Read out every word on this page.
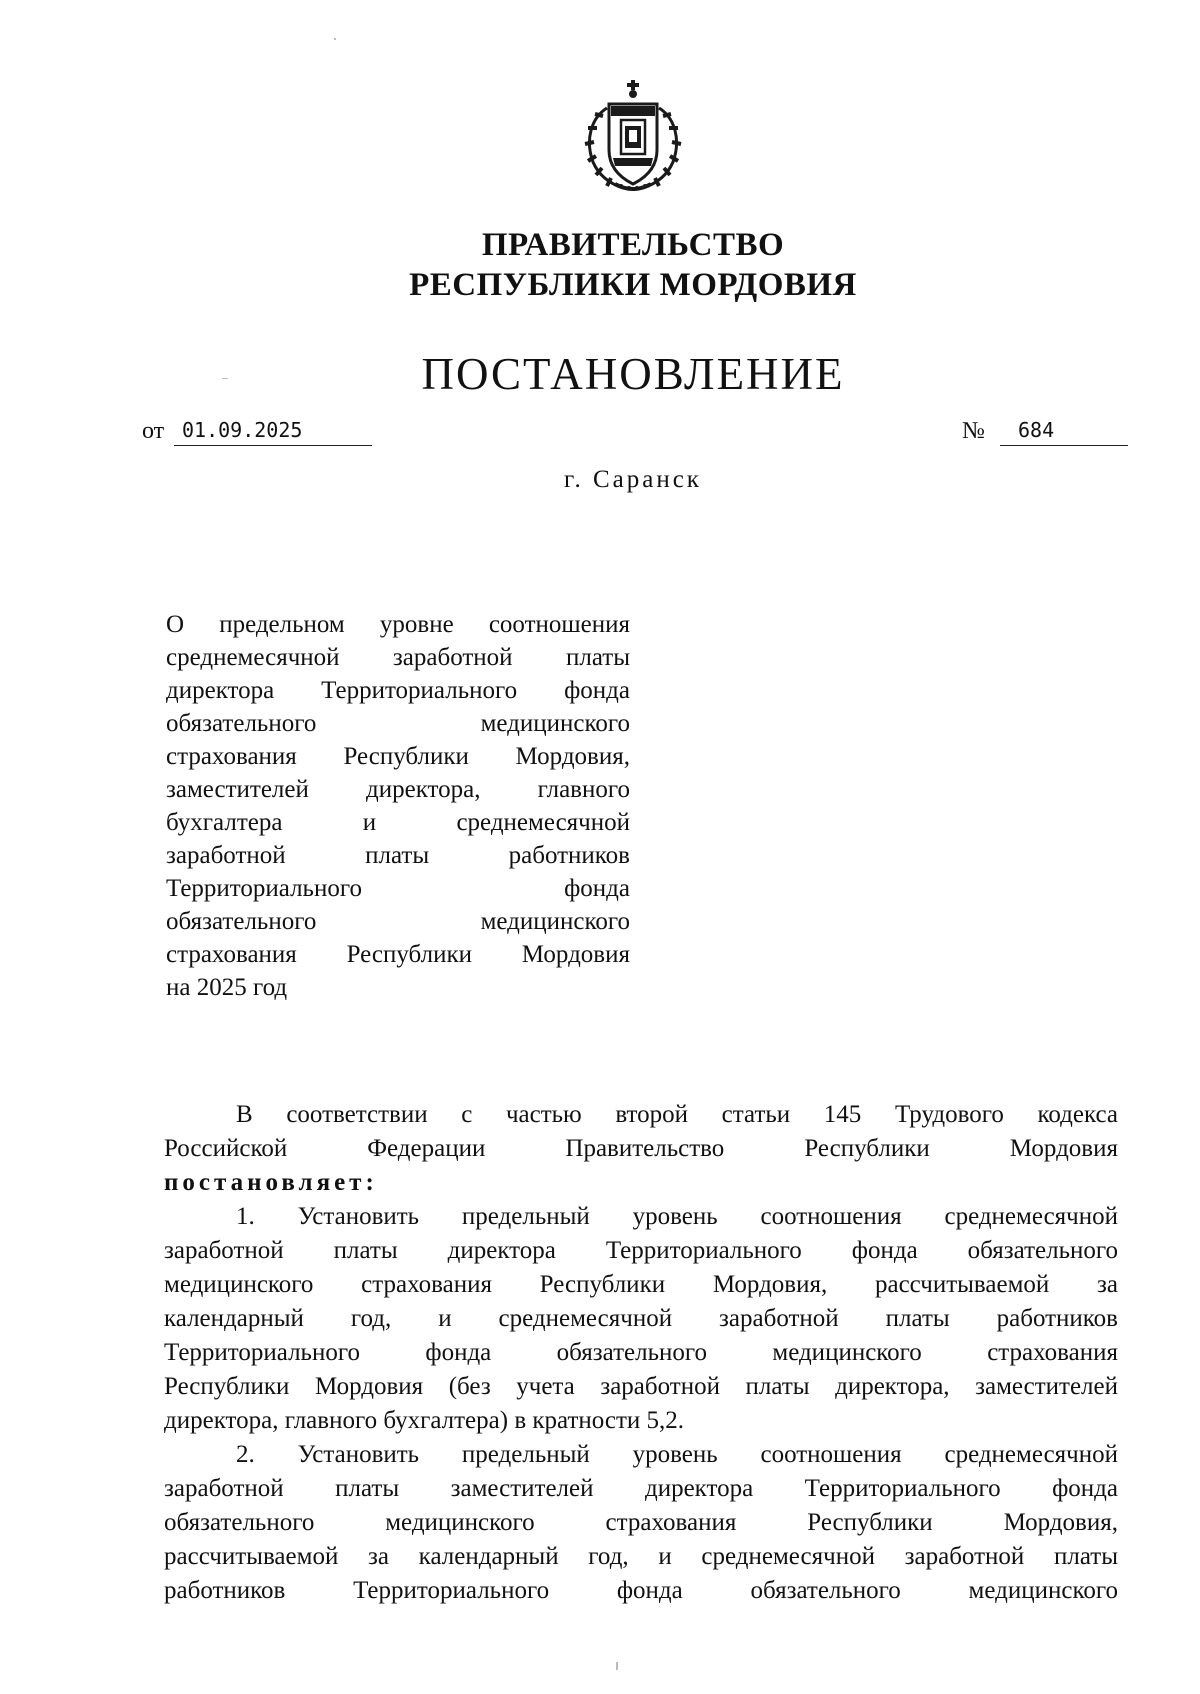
ПРАВИТЕЛЬСТВО
РЕСПУБЛИКИ МОРДОВИЯ
ПОСТАНОВЛЕНИЕ
от 01.09.2025	№	684
г. Саранск
О предельном уровне соотношения
среднемесячной заработной платы
директора Территориального фонда
обязательного медицинского
страхования Республики Мордовия,
заместителей директора, главного
бухгалтера и среднемесячной
заработной платы работников
Территориального фонда
обязательного медицинского
страхования Республики Мордовия
на 2025 год
В соответствии с частью второй статьи 145 Трудового кодекса
Российской Федерации Правительство Республики Мордовия
постановляет:
1. Установить предельный уровень соотношения среднемесячной
заработной платы директора Территориального фонда обязательного
медицинского страхования Республики Мордовия, рассчитываемой за
календарный год, и среднемесячной заработной платы работников
Территориального фонда обязательного медицинского страхования
Республики Мордовия (без учета заработной платы директора, заместителей
директора, главного бухгалтера) в кратности 5,2.
2. Установить предельный уровень соотношения среднемесячной
заработной платы заместителей директора Территориального фонда
обязательного медицинского страхования Республики Мордовия,
рассчитываемой за календарный год, и среднемесячной заработной платы
работников Территориального фонда обязательного медицинского
